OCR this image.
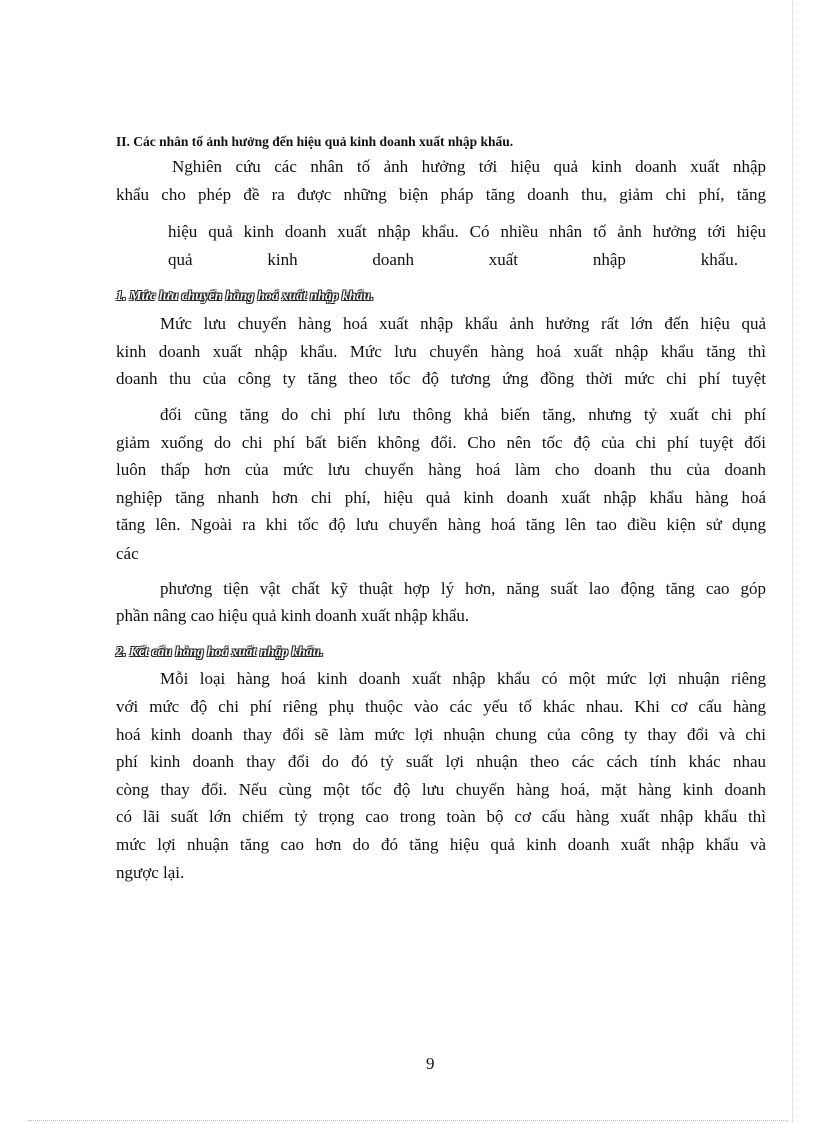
II. Các nhân tố ảnh hưởng đến hiệu quả kinh doanh xuất nhập khẩu.
Nghiên cứu các nhân tố ảnh hưởng tới hiệu quả kinh doanh xuất nhập
khẩu cho phép đề ra được những biện pháp tăng doanh thu, giảm chi phí, tăng
hiệu quả kinh doanh xuất nhập khẩu. Có nhiều nhân tố ảnh hưởng tới hiệu
quả kinh doanh xuất nhập khẩu.
1. Mức lưu chuyển hàng hoá xuất nhập khẩu.
Mức lưu chuyển hàng hoá xuất nhập khẩu ảnh hưởng rất lớn đến hiệu quả
kinh doanh xuất nhập khẩu. Mức lưu chuyển hàng hoá xuất nhập khẩu tăng thì
doanh thu của công ty tăng theo tốc độ tương ứng đồng thời mức chi phí tuyệt
đối cũng tăng do chi phí lưu thông khả biến tăng, nhưng tỷ xuất chi phí
giảm xuống do chi phí bất biến không đổi. Cho nên tốc độ của chi phí tuyệt đối
luôn thấp hơn của mức lưu chuyển hàng hoá làm cho doanh thu của doanh
nghiệp tăng nhanh hơn chi phí, hiệu quả kinh doanh xuất nhập khẩu hàng hoá
tăng lên. Ngoài ra khi tốc độ lưu chuyển hàng hoá tăng lên tao điều kiện sử dụng
các
phương tiện vật chất kỹ thuật hợp lý hơn, năng suất lao động tăng cao góp
phần nâng cao hiệu quả kinh doanh xuất nhập khẩu.
2. Kết cấu hàng hoá xuất nhập khẩu.
Mỗi loại hàng hoá kinh doanh xuất nhập khẩu có một mức lợi nhuận riêng
với mức độ chi phí riêng phụ thuộc vào các yếu tố khác nhau. Khi cơ cấu hàng
hoá kinh doanh thay đổi sẽ làm mức lợi nhuận chung của công ty thay đổi và chi
phí kinh doanh thay đổi do đó tỷ suất lợi nhuận theo các cách tính khác nhau
còng thay đổi. Nếu cùng một tốc độ lưu chuyển hàng hoá, mặt hàng kinh doanh
có lãi suất lớn chiếm tỷ trọng cao trong toàn bộ cơ cấu hàng xuất nhập khẩu thì
mức lợi nhuận tăng cao hơn do đó tăng hiệu quả kinh doanh xuất nhập khẩu và
ngược lại.
9
